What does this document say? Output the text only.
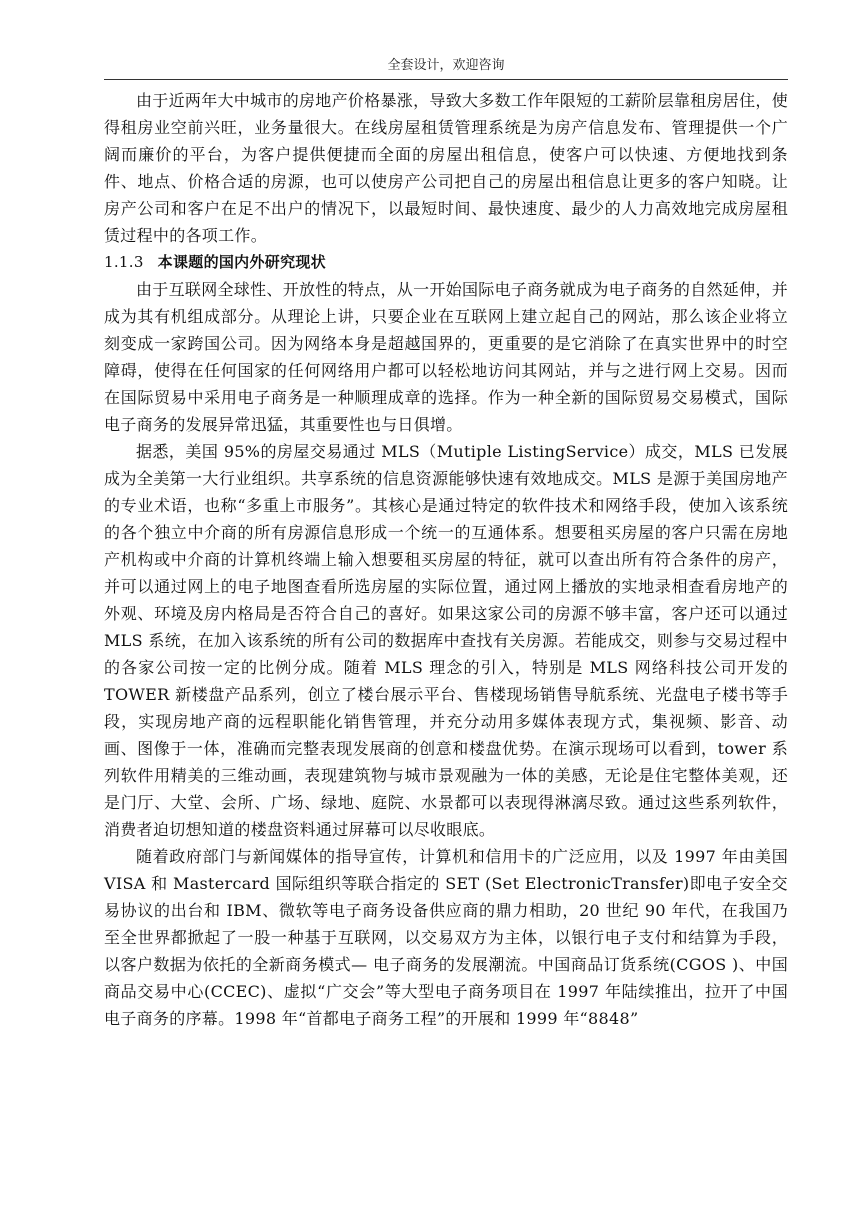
全套设计，欢迎咨询

由于近两年大中城市的房地产价格暴涨，导致大多数工作年限短的工薪阶层靠租房居住，使得租房业空前兴旺，业务量很大。在线房屋租赁管理系统是为房产信息发布、管理提供一个广阔而廉价的平台，为客户提供便捷而全面的房屋出租信息，使客户可以快速、方便地找到条件、地点、价格合适的房源，也可以使房产公司把自己的房屋出租信息让更多的客户知晓。让房产公司和客户在足不出户的情况下，以最短时间、最快速度、最少的人力高效地完成房屋租赁过程中的各项工作。

1.1.3 本课题的国内外研究现状

由于互联网全球性、开放性的特点，从一开始国际电子商务就成为电子商务的自然延伸，并成为其有机组成部分。从理论上讲，只要企业在互联网上建立起自己的网站，那么该企业将立刻变成一家跨国公司。因为网络本身是超越国界的，更重要的是它消除了在真实世界中的时空障碍，使得在任何国家的任何网络用户都可以轻松地访问其网站，并与之进行网上交易。因而在国际贸易中采用电子商务是一种顺理成章的选择。作为一种全新的国际贸易交易模式，国际电子商务的发展异常迅猛，其重要性也与日俱增。

据悉，美国 95%的房屋交易通过 MLS（Mutiple ListingService）成交，MLS 已发展成为全美第一大行业组织。共享系统的信息资源能够快速有效地成交。MLS 是源于美国房地产的专业术语，也称“多重上市服务”。其核心是通过特定的软件技术和网络手段，使加入该系统的各个独立中介商的所有房源信息形成一个统一的互通体系。想要租买房屋的客户只需在房地产机构或中介商的计算机终端上输入想要租买房屋的特征，就可以查出所有符合条件的房产，并可以通过网上的电子地图查看所选房屋的实际位置，通过网上播放的实地录相查看房地产的外观、环境及房内格局是否符合自己的喜好。如果这家公司的房源不够丰富，客户还可以通过 MLS 系统，在加入该系统的所有公司的数据库中查找有关房源。若能成交，则参与交易过程中的各家公司按一定的比例分成。随着 MLS 理念的引入，特别是 MLS 网络科技公司开发的 TOWER 新楼盘产品系列，创立了楼台展示平台、售楼现场销售导航系统、光盘电子楼书等手段，实现房地产商的远程职能化销售管理，并充分动用多媒体表现方式，集视频、影音、动画、图像于一体，准确而完整表现发展商的创意和楼盘优势。在演示现场可以看到，tower 系列软件用精美的三维动画，表现建筑物与城市景观融为一体的美感，无论是住宅整体美观，还是门厅、大堂、会所、广场、绿地、庭院、水景都可以表现得淋漓尽致。通过这些系列软件，消费者迫切想知道的楼盘资料通过屏幕可以尽收眼底。

随着政府部门与新闻媒体的指导宣传，计算机和信用卡的广泛应用，以及 1997 年由美国 VISA 和 Mastercard 国际组织等联合指定的 SET (Set ElectronicTransfer)即电子安全交易协议的出台和 IBM、微软等电子商务设备供应商的鼎力相助，20 世纪 90 年代，在我国乃至全世界都掀起了一股一种基于互联网，以交易双方为主体，以银行电子支付和结算为手段，以客户数据为依托的全新商务模式— 电子商务的发展潮流。中国商品订货系统(CGOS )、中国商品交易中心(CCEC)、虚拟“广交会”等大型电子商务项目在 1997 年陆续推出，拉开了中国电子商务的序幕。1998 年“首都电子商务工程”的开展和 1999 年“8848”
